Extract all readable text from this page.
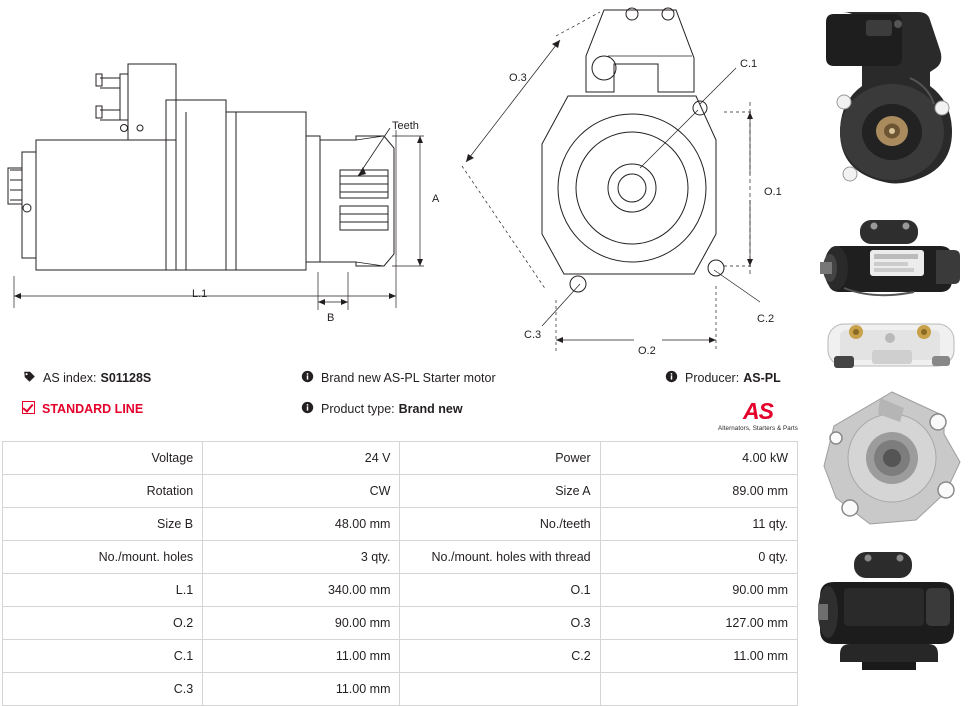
Teeth
A
B
L.1
O.1
O.2
O.3
C.1
C.2
C.3
AS index: S01128S
STANDARD LINE
Brand new AS-PL Starter motor
Product type: Brand new
Producer: AS-PL
AS
Alternators, Starters & Parts
Voltage	24 V	Power	4.00 kW
Rotation	CW	Size A	89.00 mm
Size B	48.00 mm	No./teeth	11 qty.
No./mount. holes	3 qty.	No./mount. holes with thread	0 qty.
L.1	340.00 mm	O.1	90.00 mm
O.2	90.00 mm	O.3	127.00 mm
C.1	11.00 mm	C.2	11.00 mm
C.3	11.00 mm		
